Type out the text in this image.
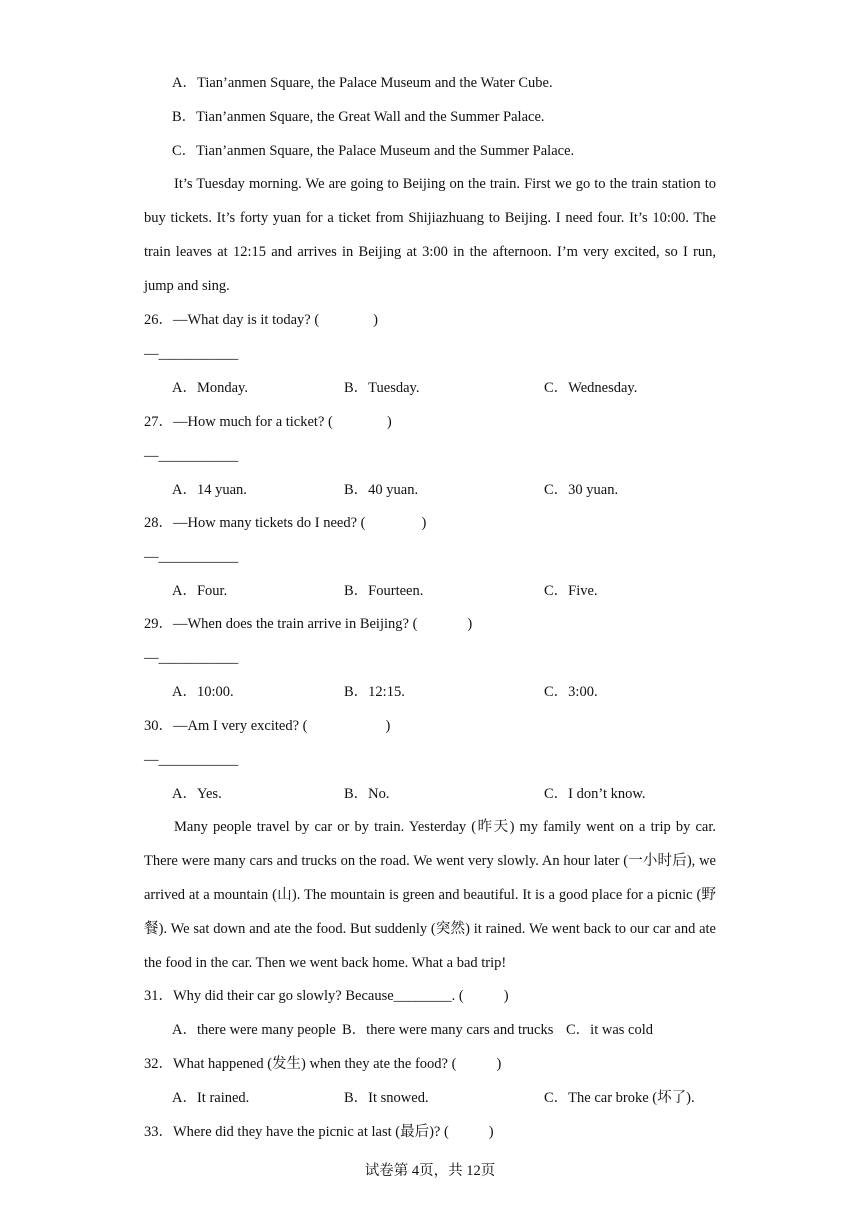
A．Tian’anmen Square, the Palace Museum and the Water Cube.
B．Tian’anmen Square, the Great Wall and the Summer Palace.
C．Tian’anmen Square, the Palace Museum and the Summer Palace.

It’s Tuesday morning. We are going to Beijing on the train. First we go to the train station to buy tickets. It’s forty yuan for a ticket from Shijiazhuang to Beijing. I need four. It’s 10:00. The train leaves at 12:15 and arrives in Beijing at 3:00 in the afternoon. I’m very excited, so I run, jump and sing.

26．—What day is it today? (	)
—___________
A．Monday.	B．Tuesday.	C．Wednesday.
27．—How much for a ticket? (	)
—___________
A．14 yuan.	B．40 yuan.	C．30 yuan.
28．—How many tickets do I need? (	)
—___________
A．Four.	B．Fourteen.	C．Five.
29．—When does the train arrive in Beijing? (	)
—___________
A．10:00.	B．12:15.	C．3:00.
30．—Am I very excited? (	)
—___________
A．Yes.	B．No.	C．I don’t know.

Many people travel by car or by train. Yesterday (昨天) my family went on a trip by car. There were many cars and trucks on the road. We went very slowly. An hour later (一小时后), we arrived at a mountain (山). The mountain is green and beautiful. It is a good place for a picnic (野餐). We sat down and ate the food. But suddenly (突然) it rained. We went back to our car and ate the food in the car. Then we went back home. What a bad trip!

31．Why did their car go slowly? Because________. (	)
A．there were many people B．there were many cars and trucks C．it was cold
32．What happened (发生) when they ate the food? (	)
A．It rained.	B．It snowed.	C．The car broke (坏了).
33．Where did they have the picnic at last (最后)? (	)
试卷第 4页，共 12页
